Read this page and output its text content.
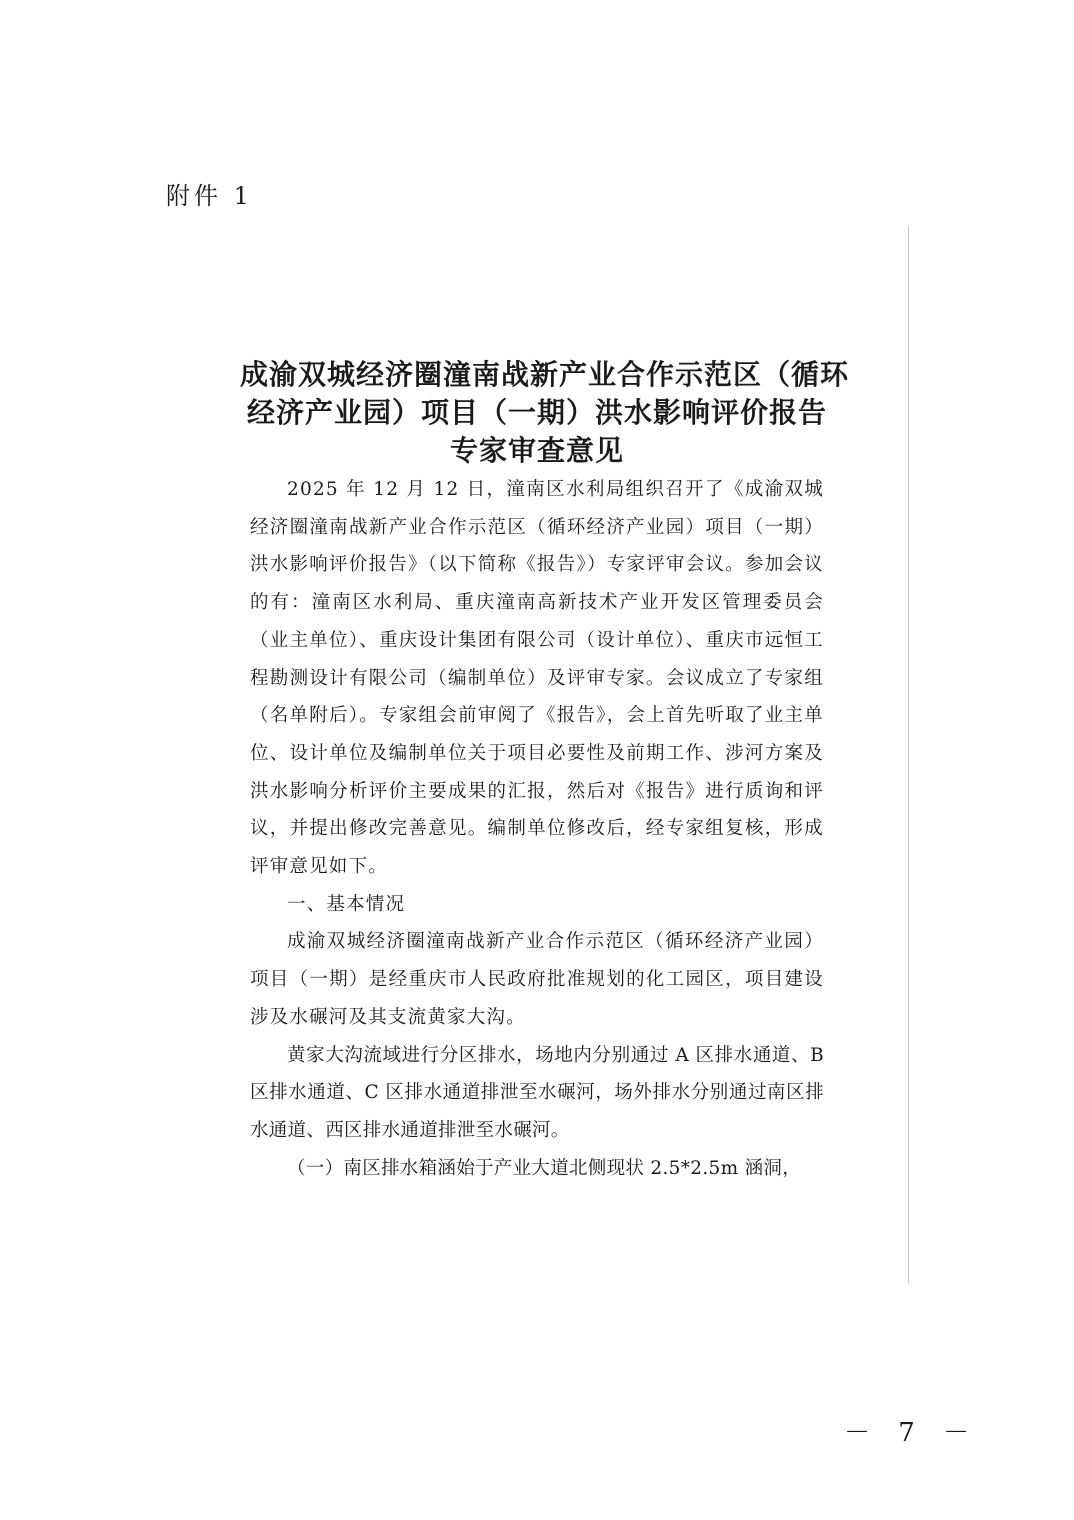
附件 1
成渝双城经济圈潼南战新产业合作示范区（循环
经济产业园）项目（一期）洪水影响评价报告
专家审查意见

2025 年 12 月 12 日，潼南区水利局组织召开了《成渝双城经济圈潼南战新产业合作示范区（循环经济产业园）项目（一期）洪水影响评价报告》（以下简称《报告》）专家评审会议。参加会议的有：潼南区水利局、重庆潼南高新技术产业开发区管理委员会（业主单位）、重庆设计集团有限公司（设计单位）、重庆市远恒工程勘测设计有限公司（编制单位）及评审专家。会议成立了专家组（名单附后）。专家组会前审阅了《报告》，会上首先听取了业主单位、设计单位及编制单位关于项目必要性及前期工作、涉河方案及洪水影响分析评价主要成果的汇报，然后对《报告》进行质询和评议，并提出修改完善意见。编制单位修改后，经专家组复核，形成评审意见如下。

一、基本情况

成渝双城经济圈潼南战新产业合作示范区（循环经济产业园）项目（一期）是经重庆市人民政府批准规划的化工园区，项目建设涉及水碾河及其支流黄家大沟。

黄家大沟流域进行分区排水，场地内分别通过 A 区排水通道、B 区排水通道、C 区排水通道排泄至水碾河，场外排水分别通过南区排水通道、西区排水通道排泄至水碾河。

（一）南区排水箱涵始于产业大道北侧现状 2.5*2.5m 涵洞，

－ 7 －
